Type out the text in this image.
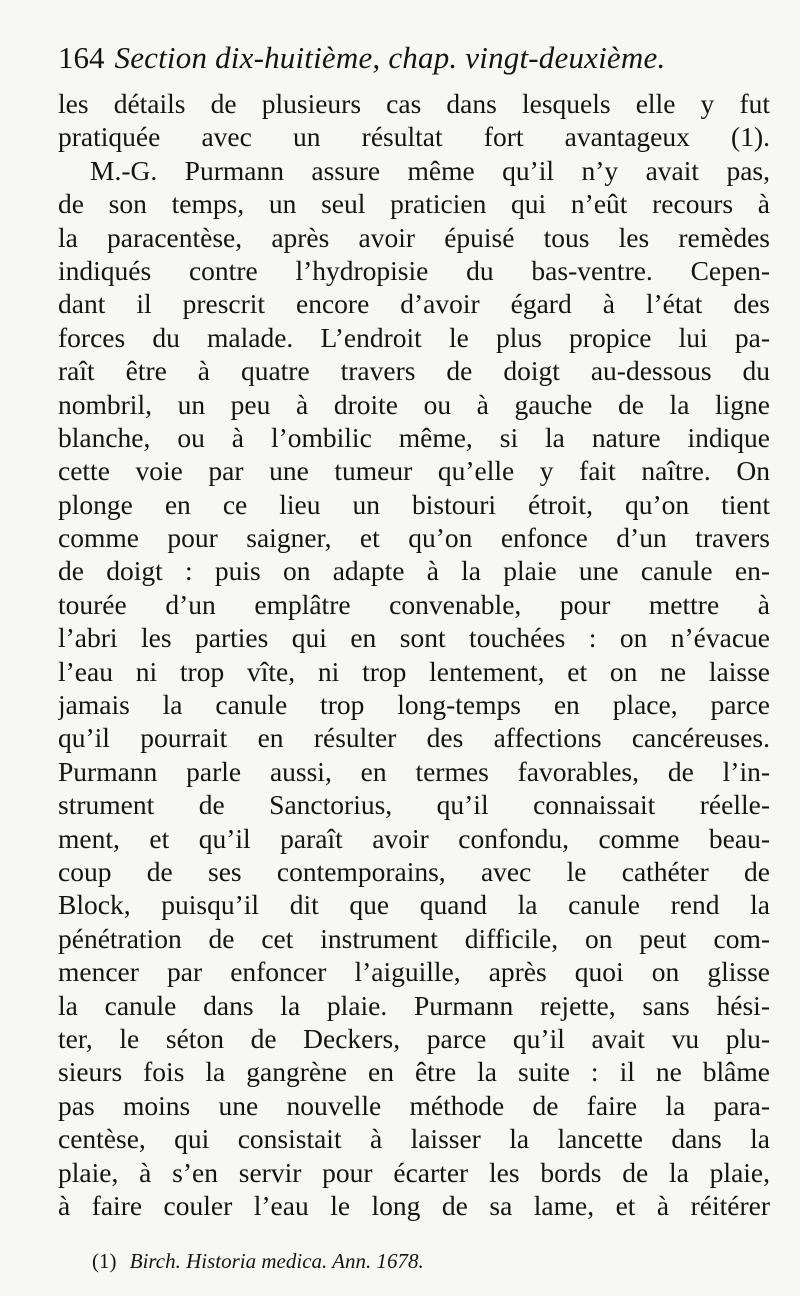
164 Section dix-huitième, chap. vingt-deuxième.
les détails de plusieurs cas dans lesquels elle y fut
pratiquée avec un résultat fort avantageux (1).
M.-G. Purmann assure même qu’il n’y avait pas,
de son temps, un seul praticien qui n’eût recours à
la paracentèse, après avoir épuisé tous les remèdes
indiqués contre l’hydropisie du bas-ventre. Cepen-
dant il prescrit encore d’avoir égard à l’état des
forces du malade. L’endroit le plus propice lui pa-
raît être à quatre travers de doigt au-dessous du
nombril, un peu à droite ou à gauche de la ligne
blanche, ou à l’ombilic même, si la nature indique
cette voie par une tumeur qu’elle y fait naître. On
plonge en ce lieu un bistouri étroit, qu’on tient
comme pour saigner, et qu’on enfonce d’un travers
de doigt : puis on adapte à la plaie une canule en-
tourée d’un emplâtre convenable, pour mettre à
l’abri les parties qui en sont touchées : on n’évacue
l’eau ni trop vîte, ni trop lentement, et on ne laisse
jamais la canule trop long-temps en place, parce
qu’il pourrait en résulter des affections cancéreuses.
Purmann parle aussi, en termes favorables, de l’in-
strument de Sanctorius, qu’il connaissait réelle-
ment, et qu’il paraît avoir confondu, comme beau-
coup de ses contemporains, avec le cathéter de
Block, puisqu’il dit que quand la canule rend la
pénétration de cet instrument difficile, on peut com-
mencer par enfoncer l’aiguille, après quoi on glisse
la canule dans la plaie. Purmann rejette, sans hési-
ter, le séton de Deckers, parce qu’il avait vu plu-
sieurs fois la gangrène en être la suite : il ne blâme
pas moins une nouvelle méthode de faire la para-
centèse, qui consistait à laisser la lancette dans la
plaie, à s’en servir pour écarter les bords de la plaie,
à faire couler l’eau le long de sa lame, et à réitérer
(1) Birch. Historia medica. Ann. 1678.
